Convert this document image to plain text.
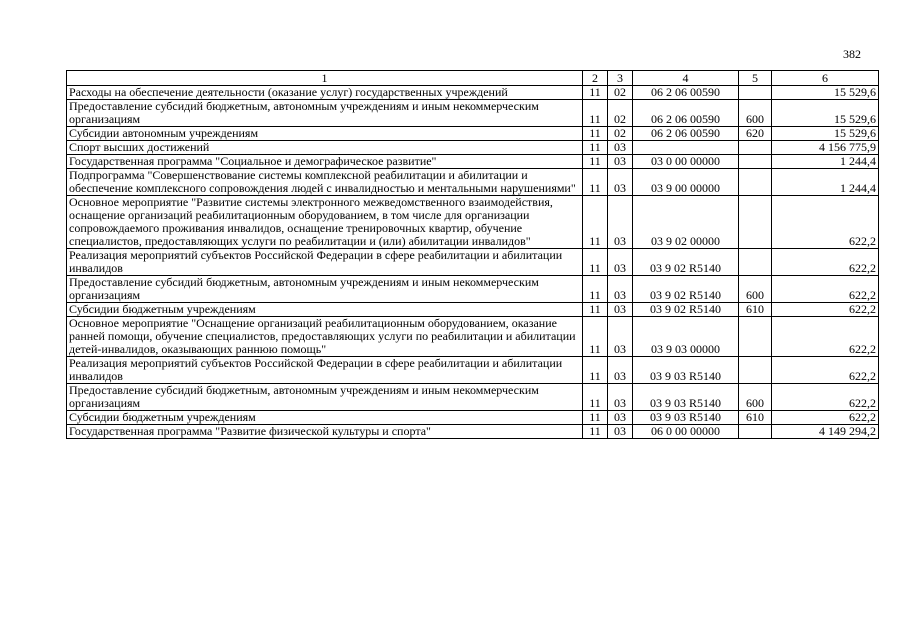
382
1	2	3	4	5	6
Расходы на обеспечение деятельности (оказание услуг) государственных учреждений	11	02	06 2 06 00590		15 529,6
Предоставление субсидий бюджетным, автономным учреждениям и иным некоммерческим организациям	11	02	06 2 06 00590	600	15 529,6
Субсидии автономным учреждениям	11	02	06 2 06 00590	620	15 529,6
Спорт высших достижений	11	03			4 156 775,9
Государственная программа "Социальное и демографическое развитие"	11	03	03 0 00 00000		1 244,4
Подпрограмма "Совершенствование системы комплексной реабилитации и абилитации и обеспечение комплексного сопровождения людей с инвалидностью и ментальными нарушениями"	11	03	03 9 00 00000		1 244,4
Основное мероприятие "Развитие системы электронного межведомственного взаимодействия, оснащение организаций реабилитационным оборудованием, в том числе для организации сопровождаемого проживания инвалидов, оснащение тренировочных квартир, обучение специалистов, предоставляющих услуги по реабилитации и (или) абилитации инвалидов"	11	03	03 9 02 00000		622,2
Реализация мероприятий субъектов Российской Федерации в сфере реабилитации и абилитации инвалидов	11	03	03 9 02 R5140		622,2
Предоставление субсидий бюджетным, автономным учреждениям и иным некоммерческим организациям	11	03	03 9 02 R5140	600	622,2
Субсидии бюджетным учреждениям	11	03	03 9 02 R5140	610	622,2
Основное мероприятие "Оснащение организаций реабилитационным оборудованием, оказание ранней помощи, обучение специалистов, предоставляющих услуги по реабилитации и абилитации детей-инвалидов, оказывающих раннюю помощь"	11	03	03 9 03 00000		622,2
Реализация мероприятий субъектов Российской Федерации в сфере реабилитации и абилитации инвалидов	11	03	03 9 03 R5140		622,2
Предоставление субсидий бюджетным, автономным учреждениям и иным некоммерческим организациям	11	03	03 9 03 R5140	600	622,2
Субсидии бюджетным учреждениям	11	03	03 9 03 R5140	610	622,2
Государственная программа "Развитие физической культуры и спорта"	11	03	06 0 00 00000		4 149 294,2
